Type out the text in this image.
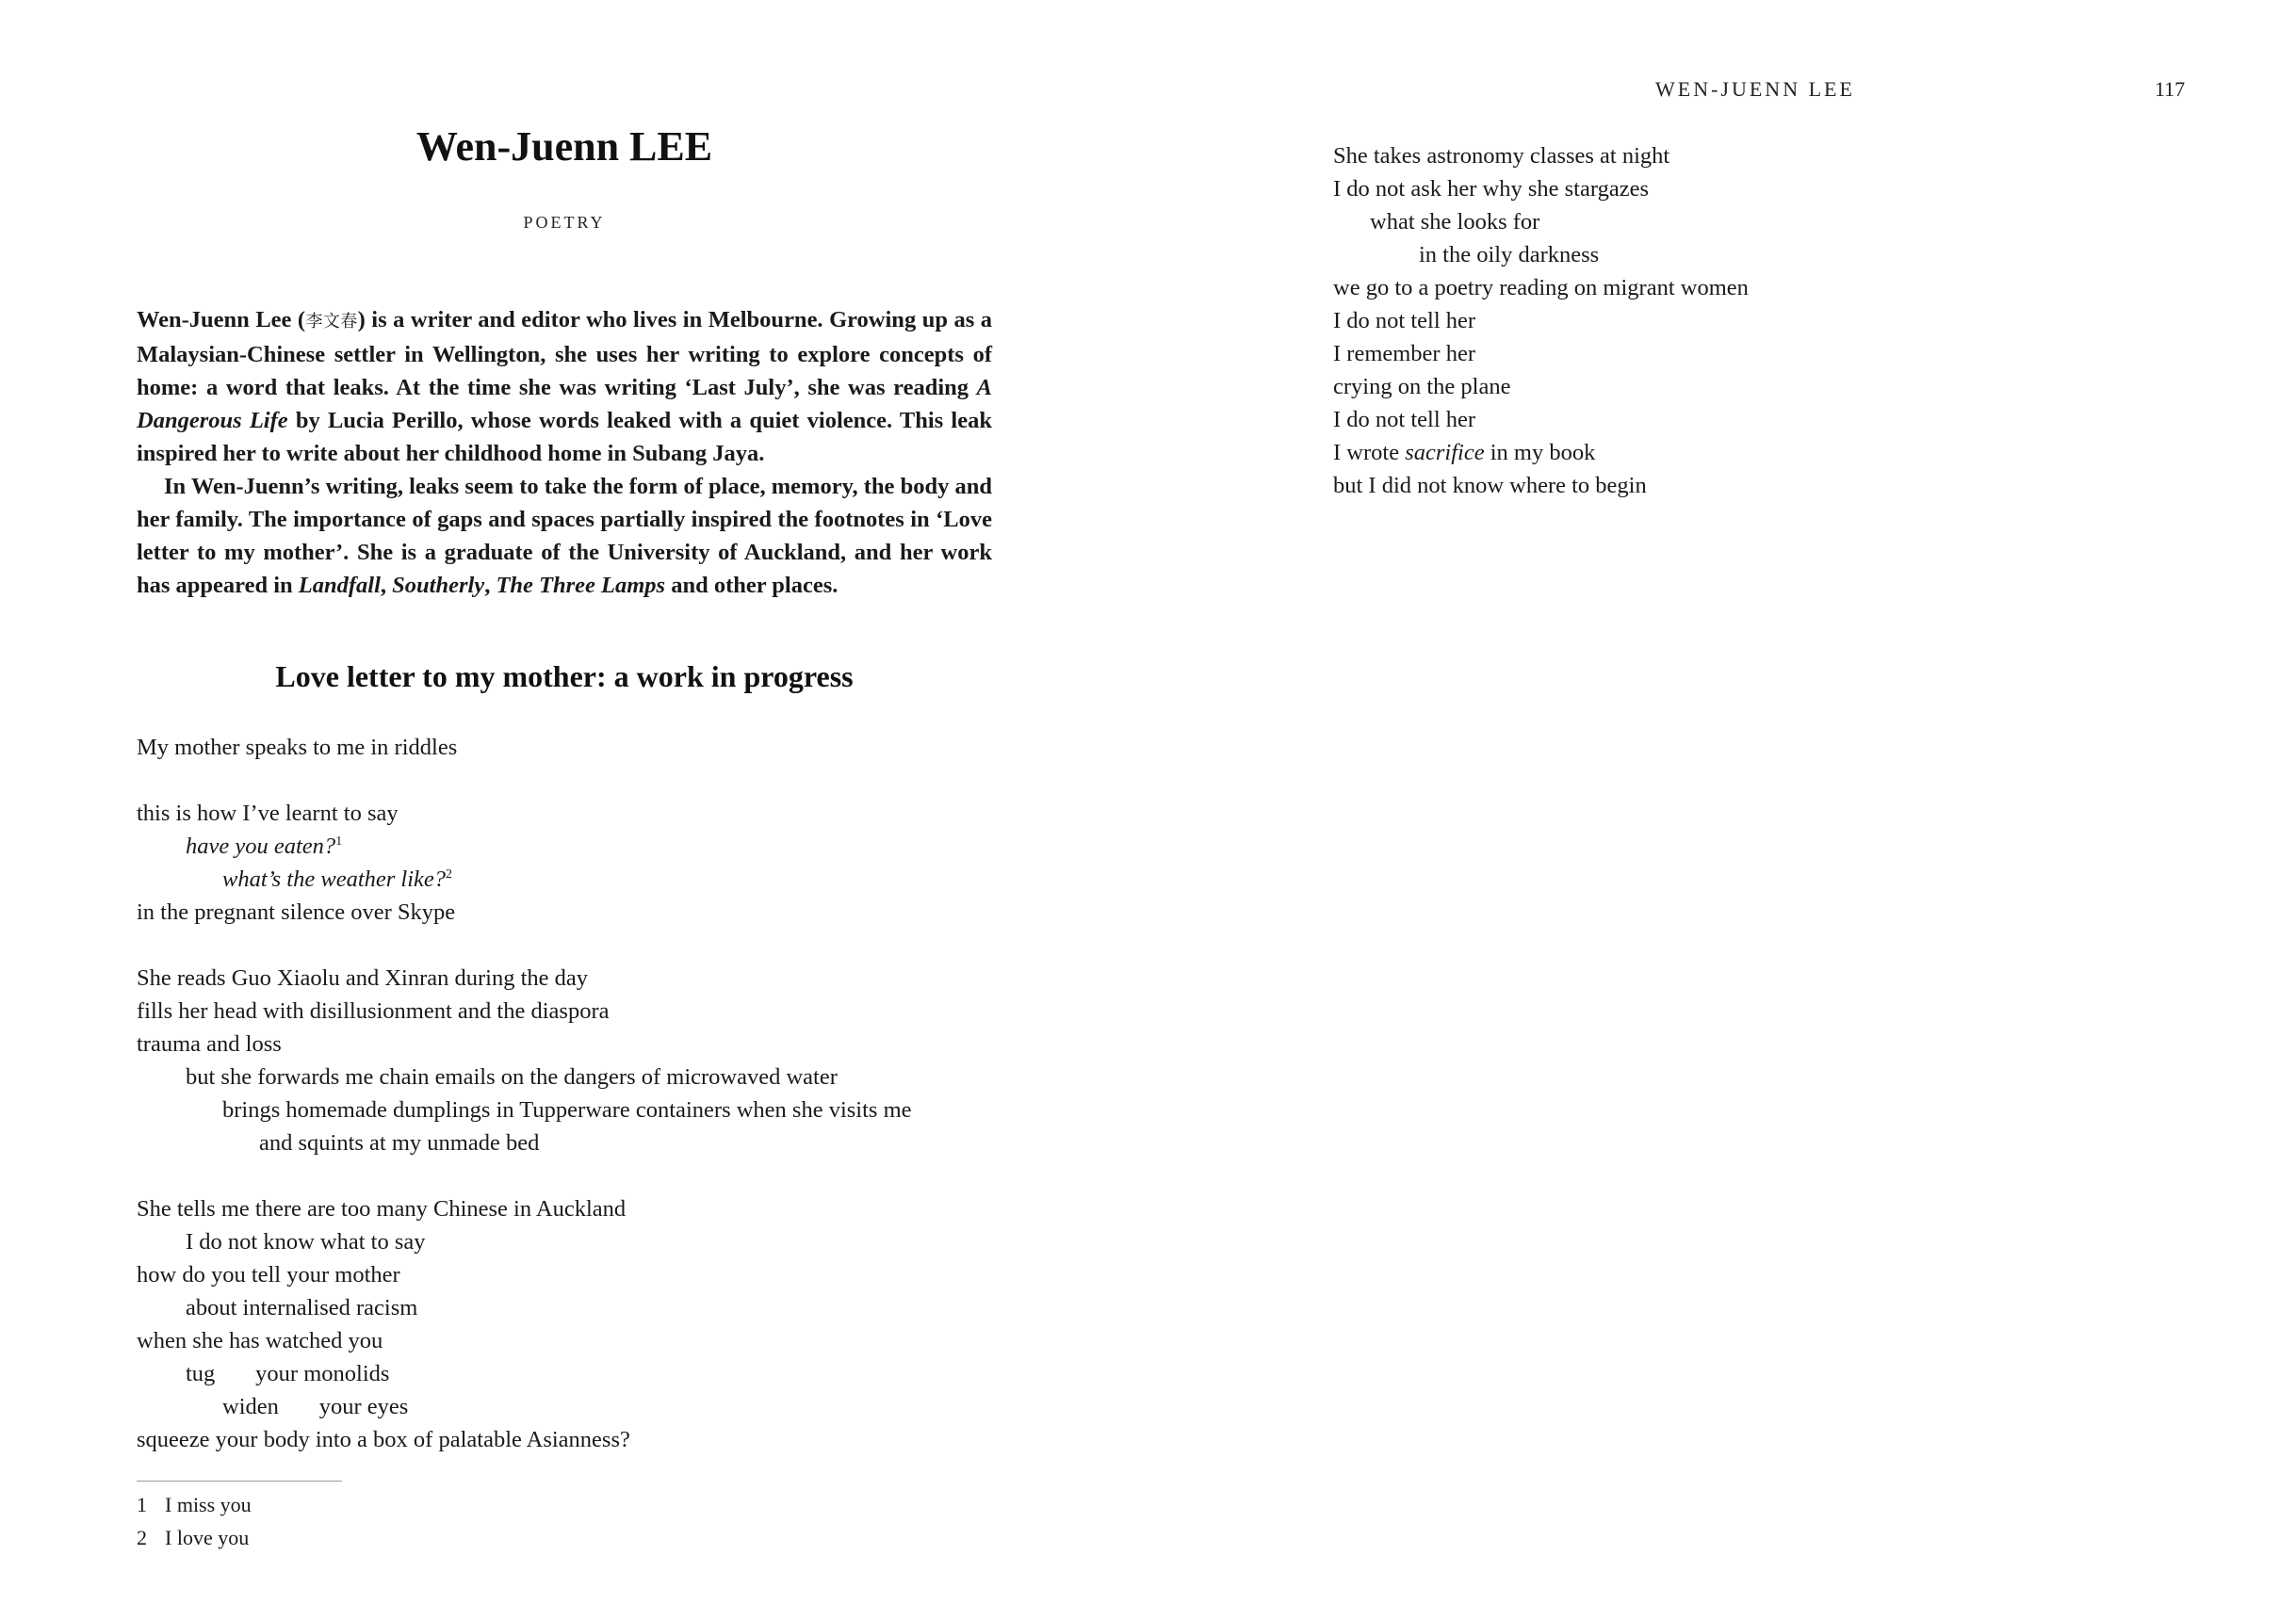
Wen-Juenn LEE
POETRY

Wen-Juenn Lee (李文春) is a writer and editor who lives in Melbourne. Growing up as a Malaysian-Chinese settler in Wellington, she uses her writing to explore concepts of home: a word that leaks. At the time she was writing ‘Last July’, she was reading A Dangerous Life by Lucia Perillo, whose words leaked with a quiet violence. This leak inspired her to write about her childhood home in Subang Jaya.

In Wen-Juenn’s writing, leaks seem to take the form of place, memory, the body and her family. The importance of gaps and spaces partially inspired the footnotes in ‘Love letter to my mother’. She is a graduate of the University of Auckland, and her work has appeared in Landfall, Southerly, The Three Lamps and other places.

Love letter to my mother: a work in progress
My mother speaks to me in riddles
this is how I’ve learnt to say
have you eaten?$^1$
what’s the weather like?$^2$
in the pregnant silence over Skype
She reads Guo Xiaolu and Xinran during the day
fills her head with disillusionment and the diaspora
trauma and loss
but she forwards me chain emails on the dangers of microwaved water
brings homemade dumplings in Tupperware containers when she visits me
and squints at my unmade bed
She tells me there are too many Chinese in Auckland
I do not know what to say
how do you tell your mother
about internalised racism
when she has watched you
tug       your monolids
widen       your eyes
squeeze your body into a box of palatable Asianness?
1 I miss you
2 I love you
WEN-JUENN LEE	117
She takes astronomy classes at night
I do not ask her why she stargazes
what she looks for
in the oily darkness
we go to a poetry reading on migrant women
I do not tell her
I remember her
crying on the plane
I do not tell her
I wrote sacrifice in my book
but I did not know where to begin
